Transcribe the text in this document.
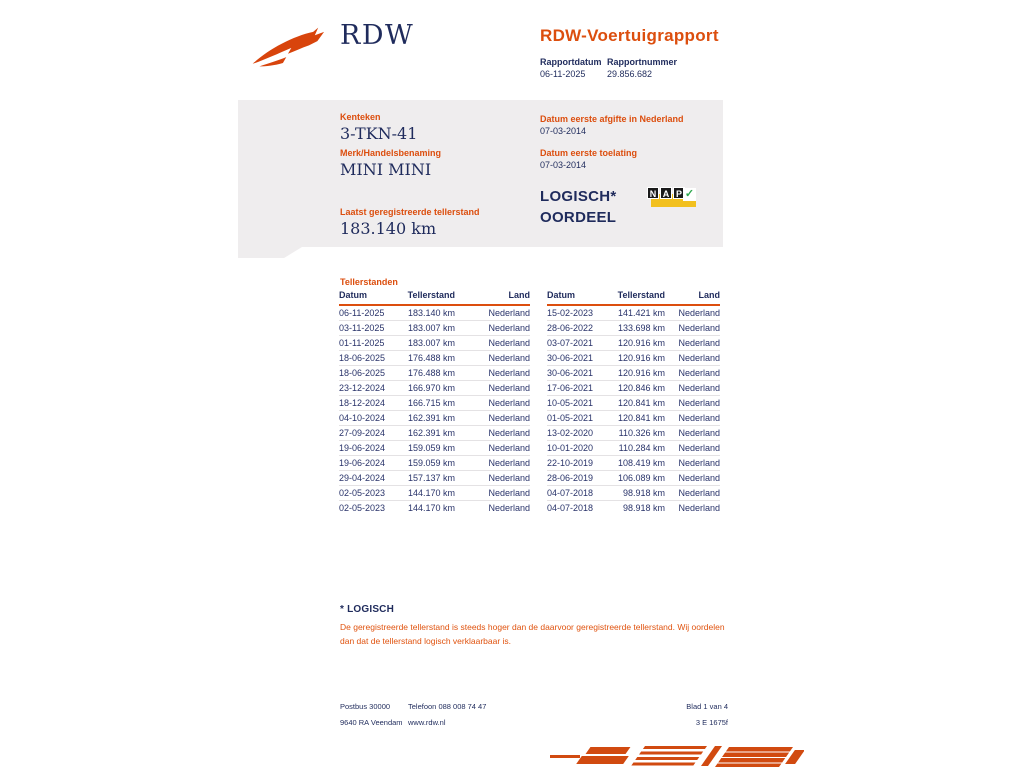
RDW	RDW-Voertuigrapport
Rapportdatum
06-11-2025
Rapportnummer
29.856.682
Kenteken
3-TKN-41
Merk/Handelsbenaming
MINI MINI
Laatst geregistreerde tellerstand
183.140 km
Datum eerste afgifte in Nederland
07-03-2014
Datum eerste toelating
07-03-2014
LOGISCH*
OORDEEL
N A P ✓
Tellerstanden
Datum	Tellerstand	Land
06-11-2025	183.140 km	Nederland
03-11-2025	183.007 km	Nederland
01-11-2025	183.007 km	Nederland
18-06-2025	176.488 km	Nederland
18-06-2025	176.488 km	Nederland
23-12-2024	166.970 km	Nederland
18-12-2024	166.715 km	Nederland
04-10-2024	162.391 km	Nederland
27-09-2024	162.391 km	Nederland
19-06-2024	159.059 km	Nederland
19-06-2024	159.059 km	Nederland
29-04-2024	157.137 km	Nederland
02-05-2023	144.170 km	Nederland
02-05-2023	144.170 km	Nederland
Datum	Tellerstand	Land
15-02-2023	141.421 km	Nederland
28-06-2022	133.698 km	Nederland
03-07-2021	120.916 km	Nederland
30-06-2021	120.916 km	Nederland
30-06-2021	120.916 km	Nederland
17-06-2021	120.846 km	Nederland
10-05-2021	120.841 km	Nederland
01-05-2021	120.841 km	Nederland
13-02-2020	110.326 km	Nederland
10-01-2020	110.284 km	Nederland
22-10-2019	108.419 km	Nederland
28-06-2019	106.089 km	Nederland
04-07-2018	98.918 km	Nederland
04-07-2018	98.918 km	Nederland
* LOGISCH
De geregistreerde tellerstand is steeds hoger dan de daarvoor geregistreerde tellerstand. Wij oordelen dan dat de tellerstand logisch verklaarbaar is.
Postbus 30000
9640 RA Veendam
Telefoon 088 008 74 47
www.rdw.nl
Blad 1 van 4
3 E 1675f
